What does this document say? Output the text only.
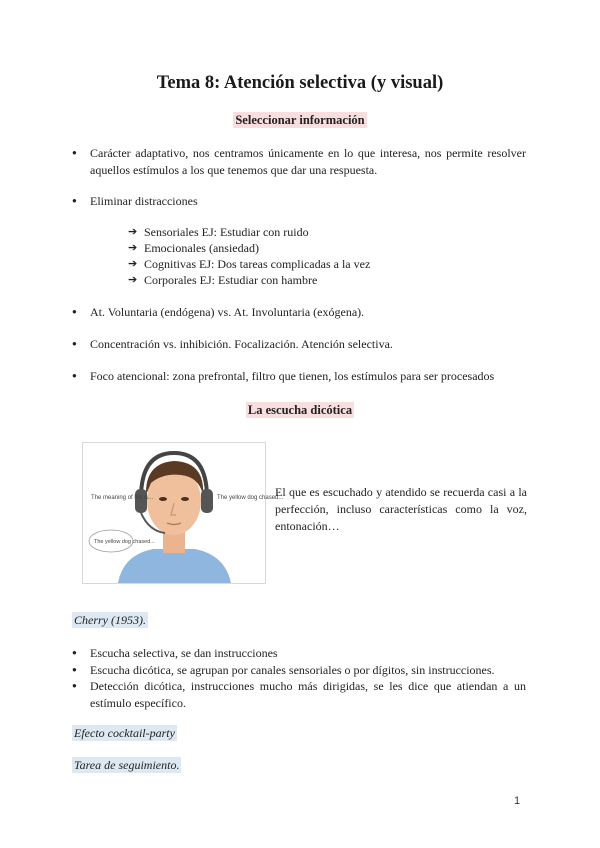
Tema 8: Atención selectiva (y visual)
Seleccionar información
● Carácter adaptativo, nos centramos únicamente en lo que interesa, nos permite resolver aquellos estímulos a los que tenemos que dar una respuesta.
● Eliminar distracciones
➔ Sensoriales EJ: Estudiar con ruido
➔ Emocionales (ansiedad)
➔ Cognitivas EJ: Dos tareas complicadas a la vez
➔ Corporales EJ: Estudiar con hambre
● At. Voluntaria (endógena) vs. At. Involuntaria (exógena).
● Concentración vs. inhibición. Focalización. Atención selectiva.
● Foco atencional: zona prefrontal, filtro que tienen, los estímulos para ser procesados
La escucha dicótica
The meaning of life is...	The yellow dog chased...
The yellow dog chased...
El que es escuchado y atendido se recuerda casi a la perfección, incluso características como la voz, entonación…
Cherry (1953).
● Escucha selectiva, se dan instrucciones
● Escucha dicótica, se agrupan por canales sensoriales o por dígitos, sin instrucciones.
● Detección dicótica, instrucciones mucho más dirigidas, se les dice que atiendan a un estímulo específico.
Efecto cocktail-party
Tarea de seguimiento.
1
